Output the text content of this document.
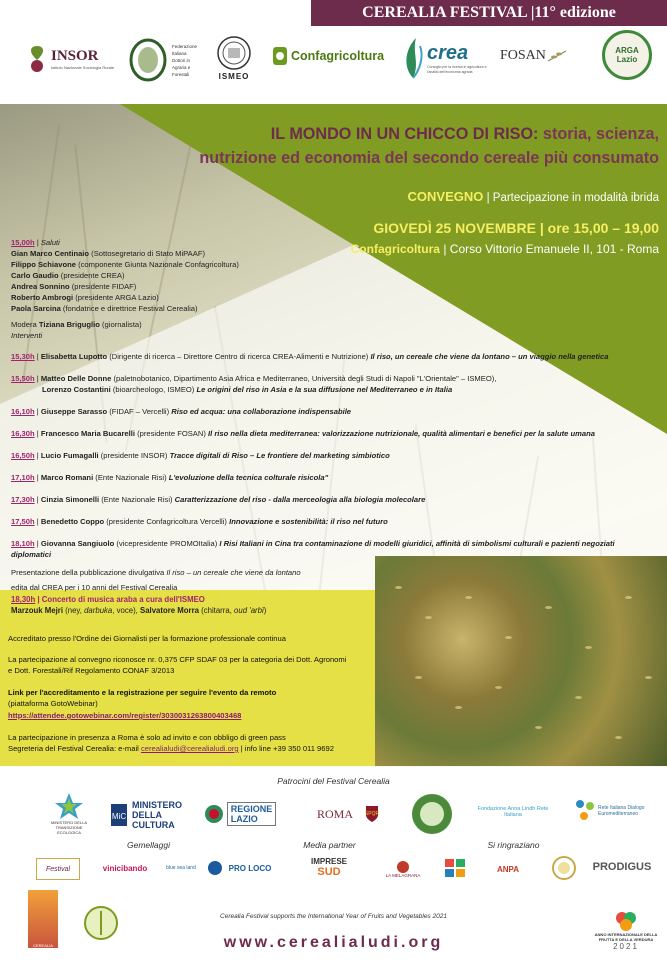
CEREALIA FESTIVAL |11° edizione
INSOR
Istituto Nazionale Sociologia Rurale
Federazione
Italiana
Dottori in
Agraria e
Forestali	ISMEO
Confagricoltura crea
Consiglio per la ricerca in agricoltura e l'analisi dell'economia agraria
FOSAN	ARGA Lazio
IL MONDO IN UN CHICCO DI RISO: storia, scienza,
nutrizione ed economia del secondo cereale più consumato
CONVEGNO | Partecipazione in modalità ibrida
GIOVEDÌ 25 NOVEMBRE | ore 15,00 – 19,00
Confagricoltura | Corso Vittorio Emanuele II, 101 - Roma
15,00h | Saluti
Gian Marco Centinaio (Sottosegretario di Stato MiPAAF)
Filippo Schiavone (componente Giunta Nazionale Confagricoltura)
Carlo Gaudio (presidente CREA)
Andrea Sonnino (presidente FIDAF)
Roberto Ambrogi (presidente ARGA Lazio)
Paola Sarcina (fondatrice e direttrice Festival Cerealia)
Modera Tiziana Briguglio (giornalista)
Interventi
15,30h | Elisabetta Lupotto (Dirigente di ricerca – Direttore Centro di ricerca CREA-Alimenti e Nutrizione) Il riso, un cereale che viene da lontano – un viaggio nella genetica
15,50h | Matteo Delle Donne (paletnobotanico, Dipartimento Asia Africa e Mediterraneo, Università degli Studi di Napoli "L'Orientale" – ISMEO),
Lorenzo Costantini (bioarcheologo, ISMEO) Le origini del riso in Asia e la sua diffusione nel Mediterraneo e in Italia
16,10h | Giuseppe Sarasso (FIDAF – Vercelli) Riso ed acqua: una collaborazione indispensabile
16,30h | Francesco Maria Bucarelli (presidente FOSAN) Il riso nella dieta mediterranea: valorizzazione nutrizionale, qualità alimentari e benefici per la salute umana
16,50h | Lucio Fumagalli (presidente INSOR) Tracce digitali di Riso – Le frontiere del marketing simbiotico
17,10h | Marco Romani (Ente Nazionale Risi) L'evoluzione della tecnica colturale risicola"
17,30h | Cinzia Simonelli (Ente Nazionale Risi) Caratterizzazione del riso - dalla merceologia alla biologia molecolare
17,50h | Benedetto Coppo (presidente Confagricoltura Vercelli) Innovazione e sostenibilità: il riso nel futuro
18,10h | Giovanna Sangiuolo (vicepresidente PROMOItalia) I Risi Italiani in Cina tra contaminazione di modelli giuridici, affinità di simbolismi culturali e pazienti negoziati
diplomatici
Presentazione della pubblicazione divulgativa Il riso – un cereale che viene da lontano
edita dal CREA per i 10 anni del Festival Cerealia
18,30h | Concerto di musica araba a cura dell'ISMEO
Marzouk Mejri (ney, darbuka, voce), Salvatore Morra (chitarra, oud 'arbī)
Accreditato presso l'Ordine dei Giornalisti per la formazione professionale continua
La partecipazione al convegno riconosce nr. 0,375 CFP SDAF 03 per la categoria dei Dott. Agronomi
e Dott. Forestali/Rif Regolamento CONAF 3/2013
Link per l'accreditamento e la registrazione per seguire l'evento da remoto
(piattaforma GotoWebinar)
https://attendee.gotowebinar.com/register/3030031263800403468
La partecipazione in presenza a Roma è solo ad invito e con obbligo di green pass
Segreteria del Festival Cerealia: e-mail cerealialudi@cerealialudi.org | info line +39 350 011 9692
Patrocini del Festival Cerealia
MINISTERO DELLA TRANSIZIONE ECOLOGICA
MiC
MINISTERO
DELLA
CULTURA
REGIONE
LAZIO	ROMA	SPQR
Fondazione Anna Lindh Rete Italiana
Rete Italiana Dialogo Euromediterraneo
Gemellaggi	Media partner	Si ringraziano
Festival	vinicibando	blue sea land	PRO LOCO
IMPRESE
SUD	LA MELAGRANA
ANPA	PRODIGUS
CEREALIA
Cerealia Festival supports the International Year of Fruits and Vegetables 2021
www.cerealialudi.org	ANNO INTERNAZIONALE DELLA FRUTTA E DELLA VERDURA
2021
